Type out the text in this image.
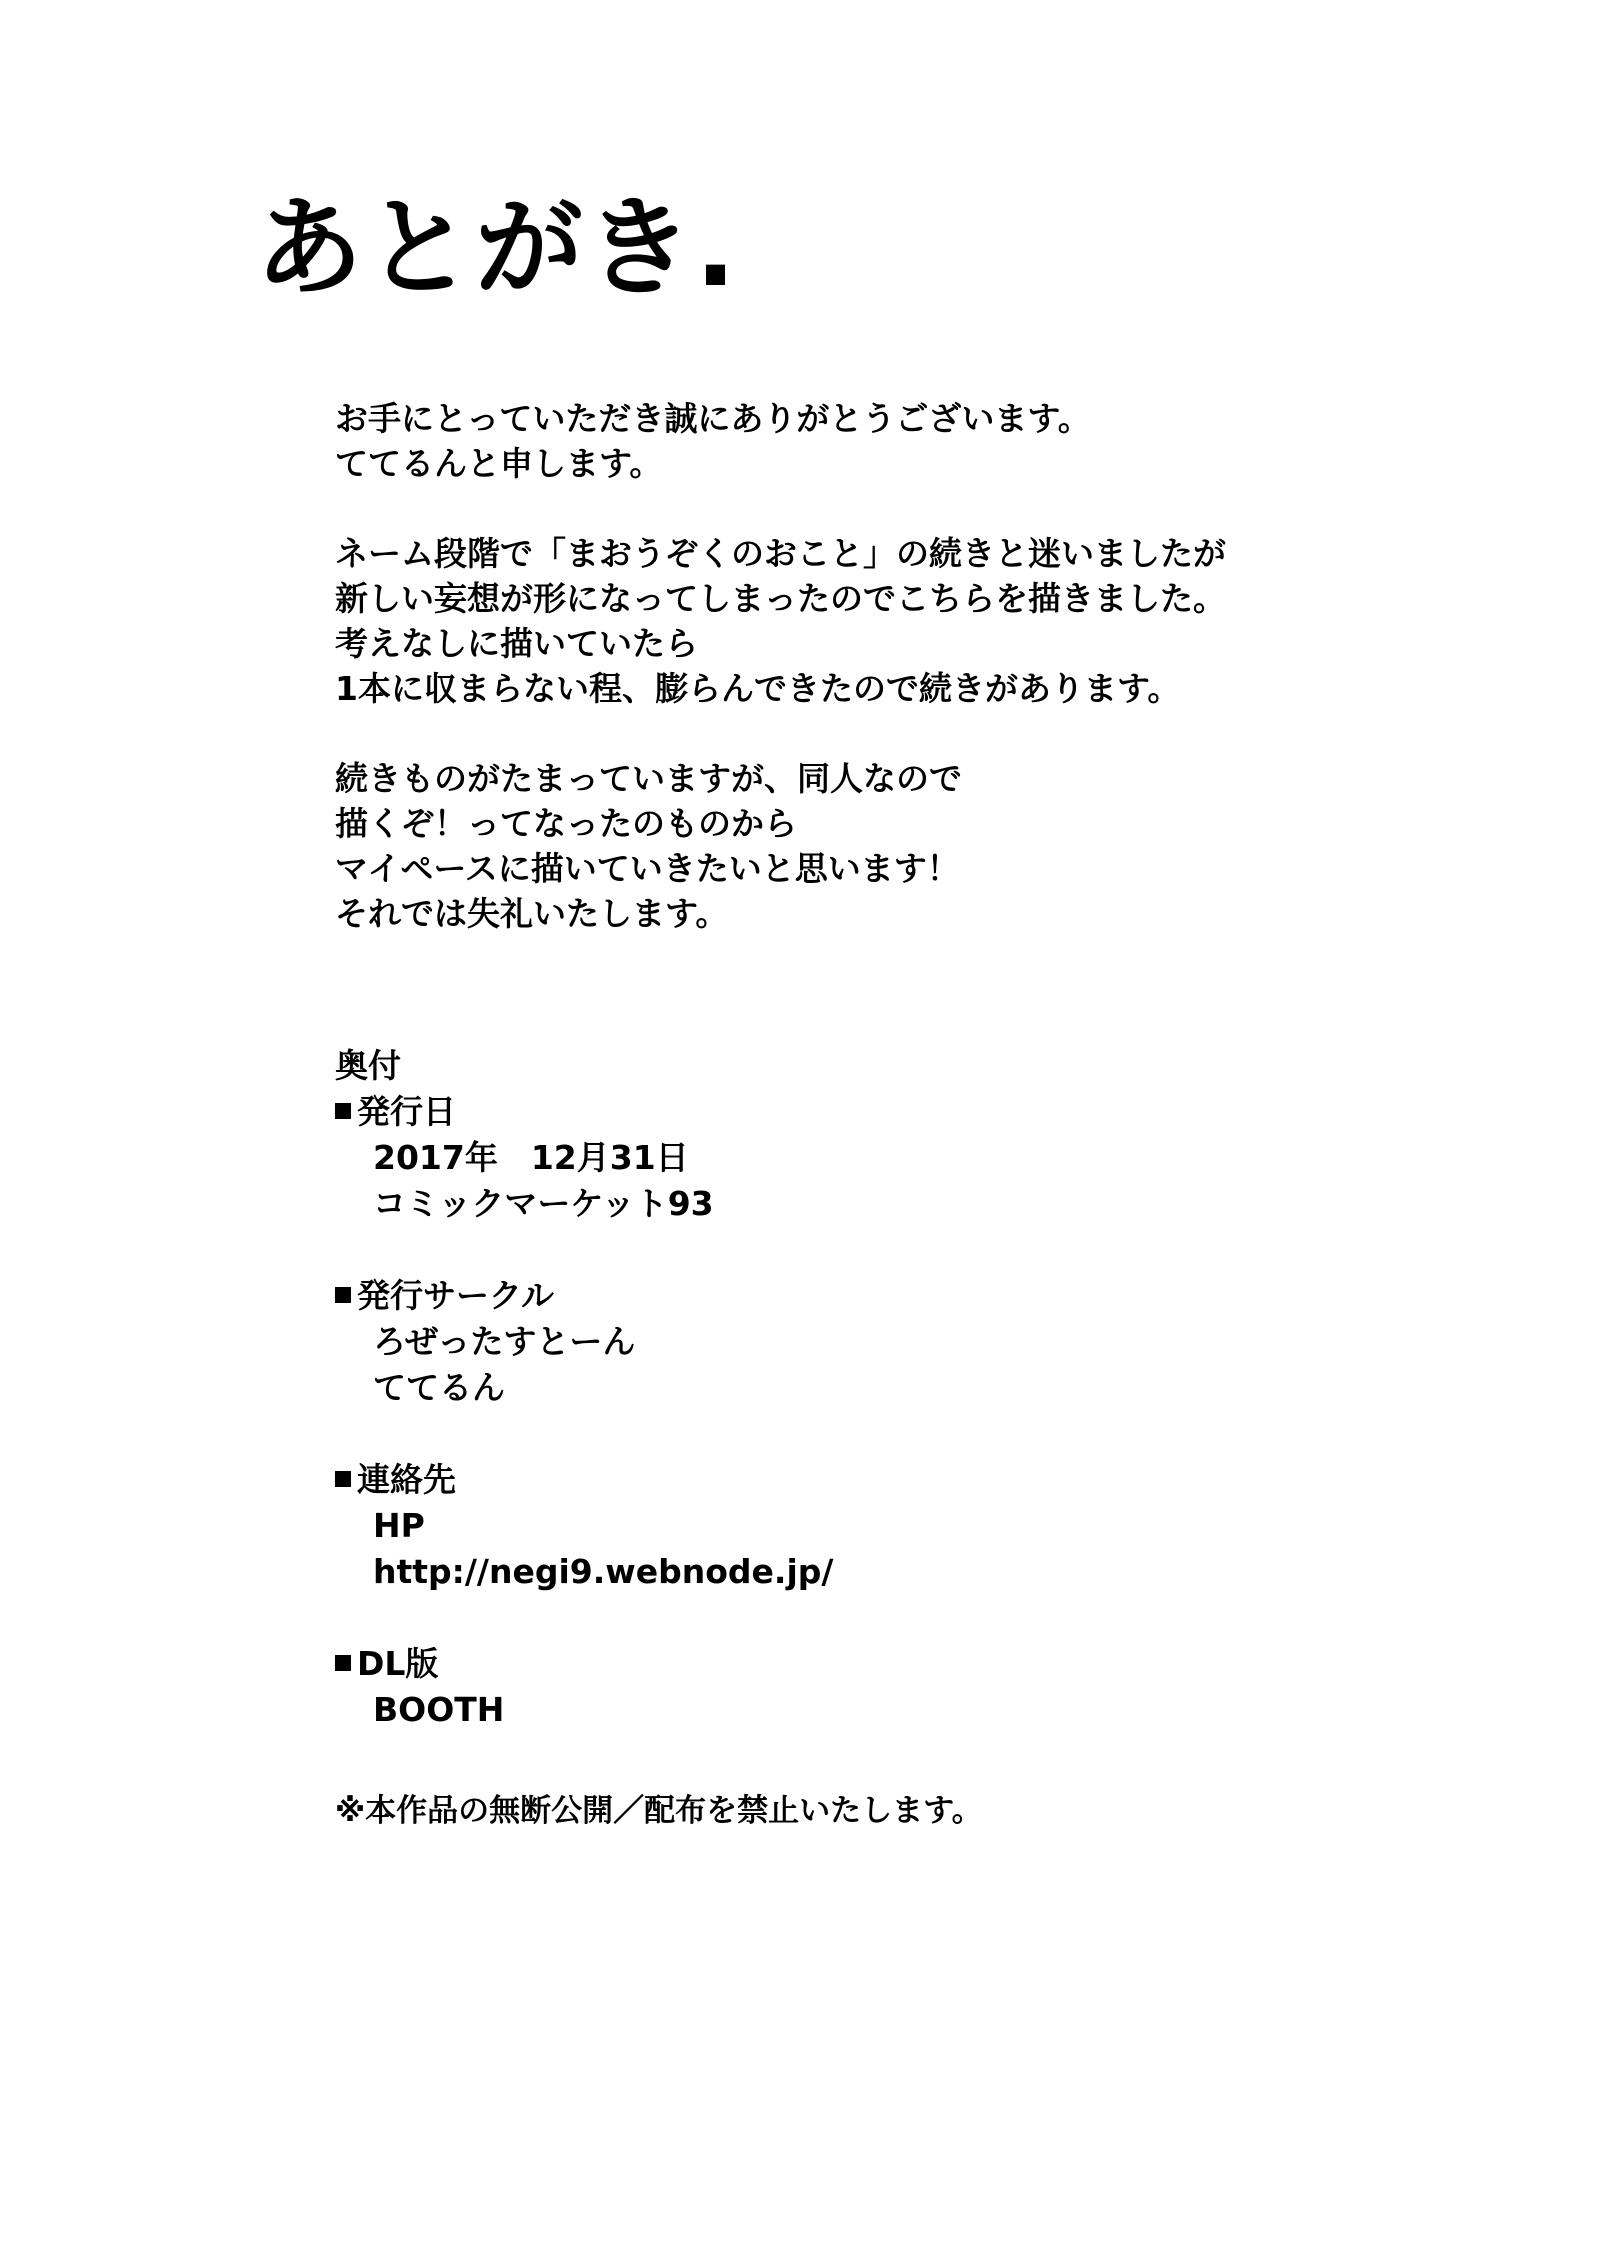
あとがき.
お手にとっていただき誠にありがとうございます。
ててるんと申します。
ネーム段階で「まおうぞくのおこと」の続きと迷いましたが
新しい妄想が形になってしまったのでこちらを描きました。
考えなしに描いていたら
1本に収まらない程、膨らんできたので続きがあります。
続きものがたまっていますが、同人なので
描くぞ！ってなったのものから
マイペースに描いていきたいと思います！
それでは失礼いたします。
奥付
発行日
2017年　12月31日
コミックマーケット93
発行サークル
ろぜったすとーん
ててるん
連絡先
HP
http://negi9.webnode.jp/
DL版
BOOTH
※本作品の無断公開／配布を禁止いたします。
